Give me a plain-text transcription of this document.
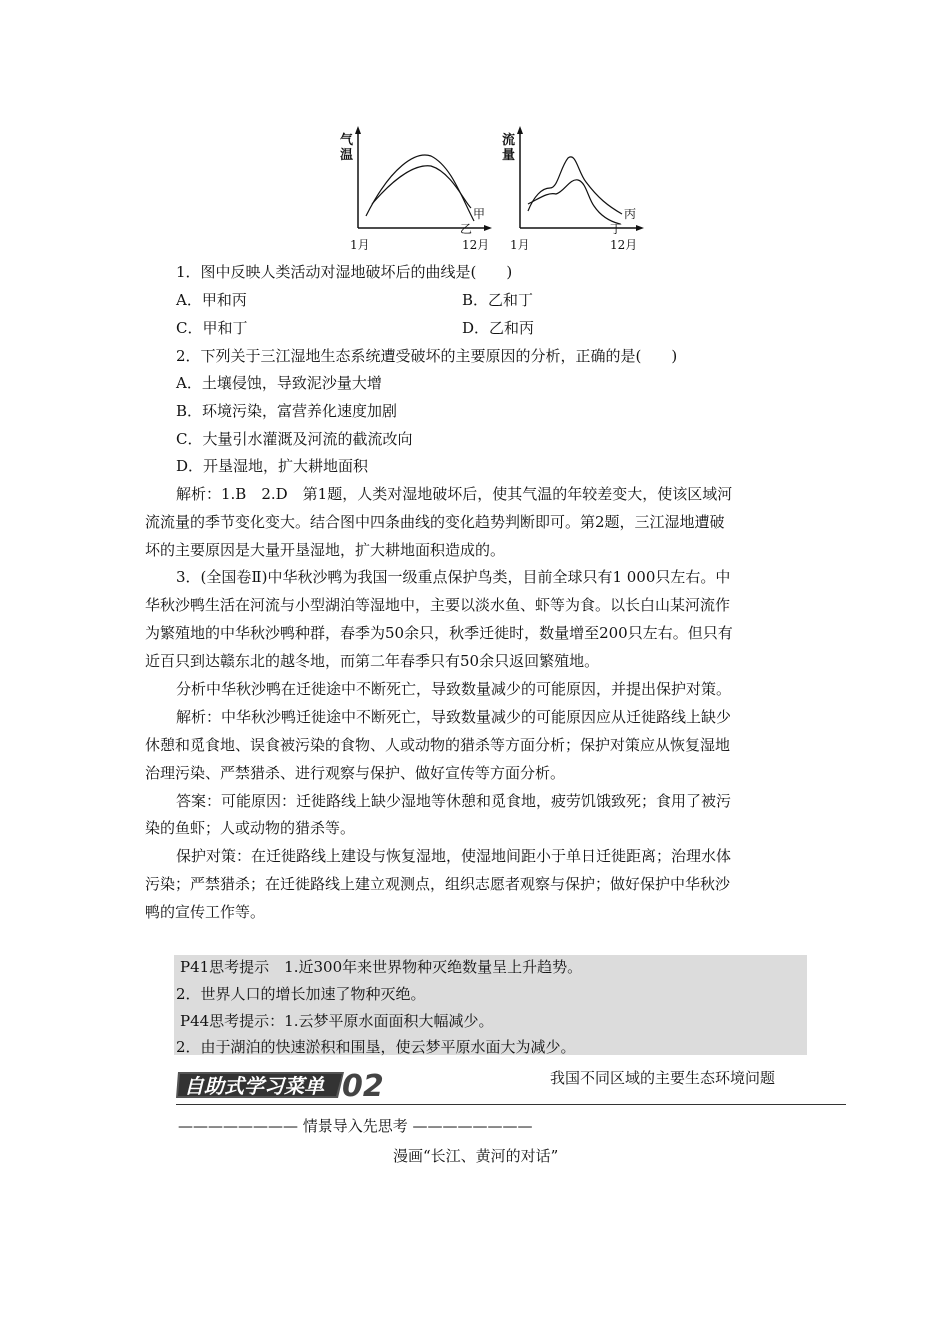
气
温
甲
乙
1月	12月
流
量
丙
丁
1月	12月
1．图中反映人类活动对湿地破坏后的曲线是(　　)
A．甲和丙	B．乙和丁
C．甲和丁	D．乙和丙
2．下列关于三江湿地生态系统遭受破坏的主要原因的分析，正确的是(　　)
A．土壤侵蚀，导致泥沙量大增
B．环境污染，富营养化速度加剧
C．大量引水灌溉及河流的截流改向
D．开垦湿地，扩大耕地面积
解析：1.B　2.D　第1题，人类对湿地破坏后，使其气温的年较差变大，使该区域河
流流量的季节变化变大。结合图中四条曲线的变化趋势判断即可。第2题，三江湿地遭破
坏的主要原因是大量开垦湿地，扩大耕地面积造成的。
3．(全国卷Ⅱ)中华秋沙鸭为我国一级重点保护鸟类，目前全球只有1 000只左右。中
华秋沙鸭生活在河流与小型湖泊等湿地中，主要以淡水鱼、虾等为食。以长白山某河流作
为繁殖地的中华秋沙鸭种群，春季为50余只，秋季迁徙时，数量增至200只左右。但只有
近百只到达赣东北的越冬地，而第二年春季只有50余只返回繁殖地。
分析中华秋沙鸭在迁徙途中不断死亡，导致数量减少的可能原因，并提出保护对策。
解析：中华秋沙鸭迁徙途中不断死亡，导致数量减少的可能原因应从迁徙路线上缺少
休憩和觅食地、误食被污染的食物、人或动物的猎杀等方面分析；保护对策应从恢复湿地
治理污染、严禁猎杀、进行观察与保护、做好宣传等方面分析。
答案：可能原因：迁徙路线上缺少湿地等休憩和觅食地，疲劳饥饿致死；食用了被污
染的鱼虾；人或动物的猎杀等。
保护对策：在迁徙路线上建设与恢复湿地，使湿地间距小于单日迁徙距离；治理水体
污染；严禁猎杀；在迁徙路线上建立观测点，组织志愿者观察与保护；做好保护中华秋沙
鸭的宣传工作等。
P41思考提示　1.近300年来世界物种灭绝数量呈上升趋势。
2．世界人口的增长加速了物种灭绝。
P44思考提示：1.云梦平原水面面积大幅减少。
2．由于湖泊的快速淤积和围垦，使云梦平原水面大为减少。
自助式学习菜单 02	我国不同区域的主要生态环境问题
———————— 情景导入先思考 ————————
漫画“长江、黄河的对话”
